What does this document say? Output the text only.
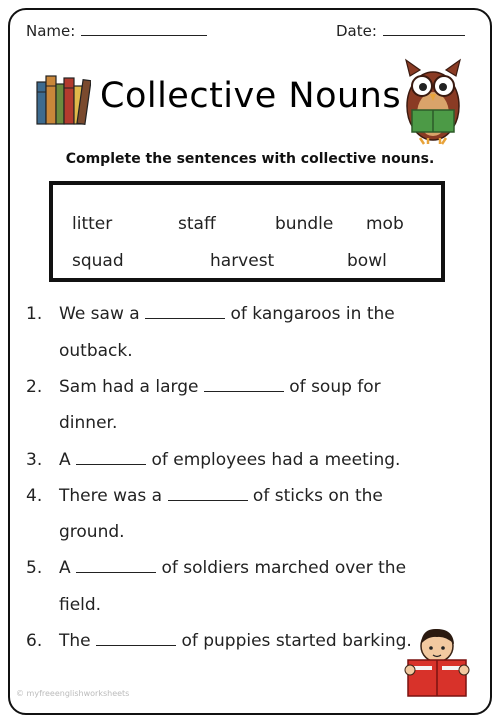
Name:	Date:
Collective Nouns
Complete the sentences with collective nouns.
litter	staff	bundle mob
squad	harvest	bowl
1. We saw a	of kangaroos in the
outback.
2. Sam had a large	of soup for
dinner.
3. A	of employees had a meeting.
4. There was a	of sticks on the
ground.
5. A	of soldiers marched over the
field.
6. The	of puppies started barking.
© myfreeenglishworksheets
